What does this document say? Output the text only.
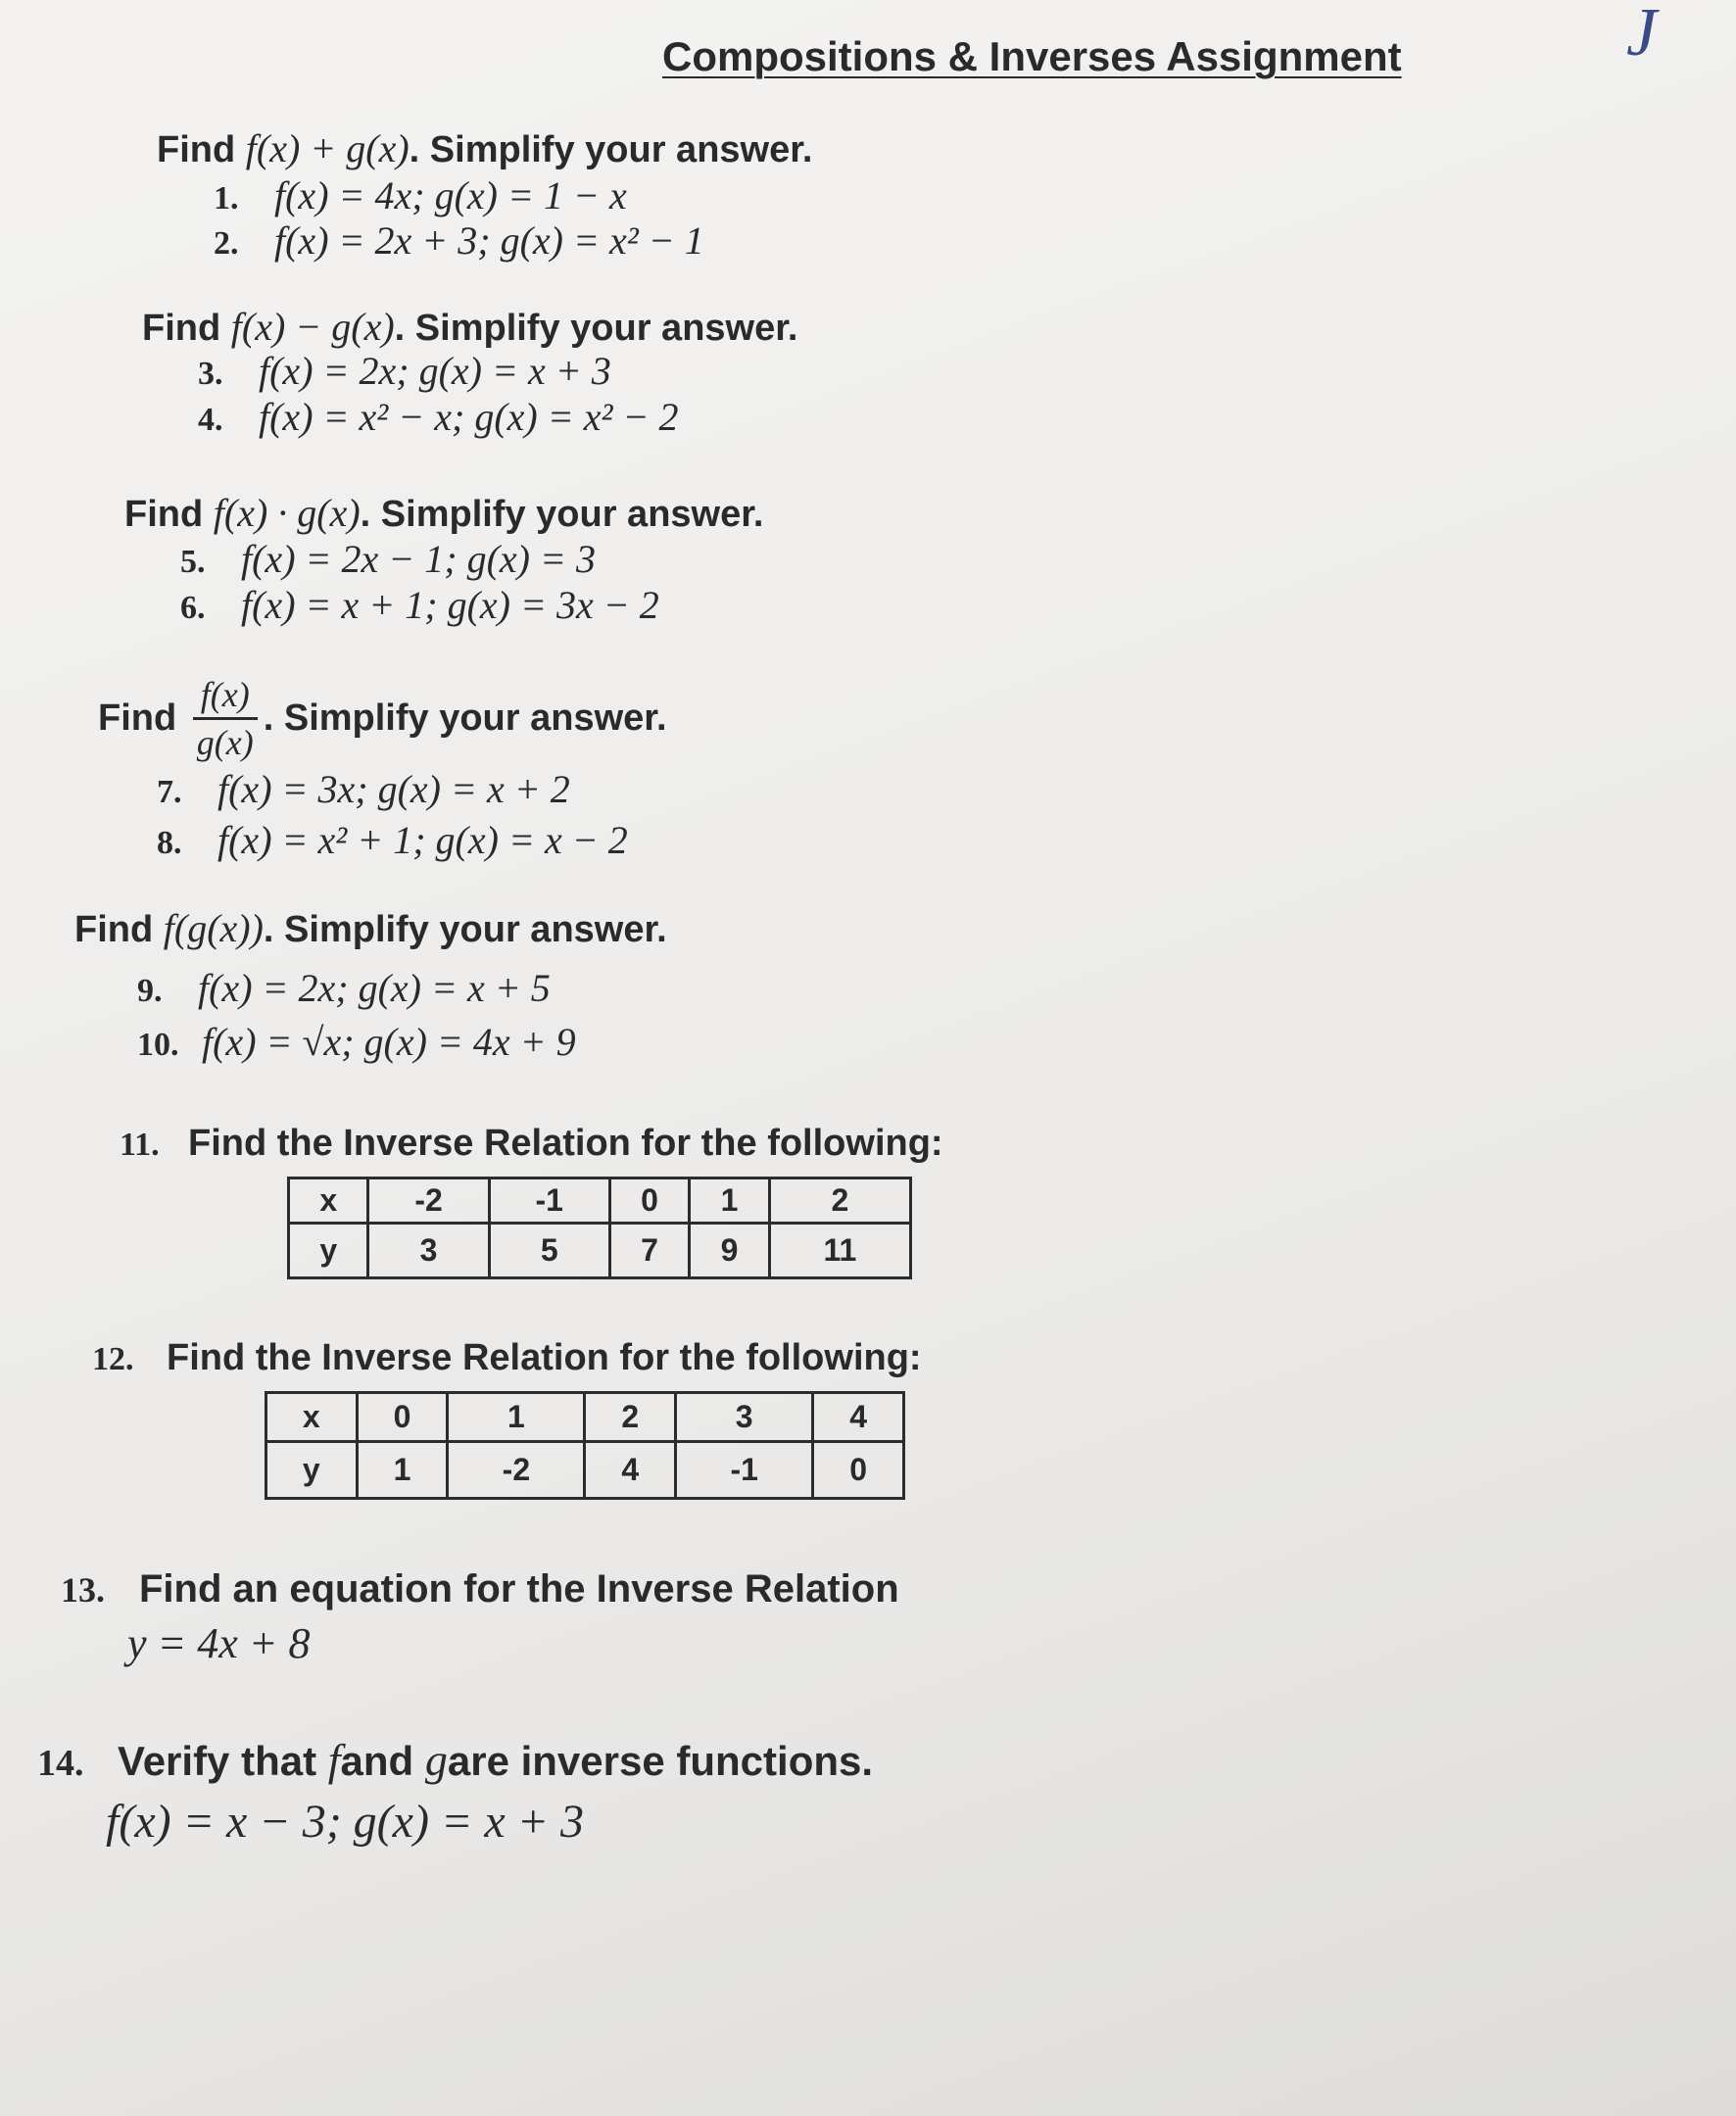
Compositions & Inverses Assignment	J
Find f(x) + g(x). Simplify your answer.
1. f(x) = 4x; g(x) = 1 − x
2. f(x) = 2x + 3; g(x) = x² − 1
Find f(x) − g(x). Simplify your answer.
3. f(x) = 2x; g(x) = x + 3
4. f(x) = x² − x; g(x) = x² − 2
Find f(x) · g(x). Simplify your answer.
5. f(x) = 2x − 1; g(x) = 3
6. f(x) = x + 1; g(x) = 3x − 2
Find $\frac{f(x)}{g(x)}$ . Simplify your answer.
7. f(x) = 3x; g(x) = x + 2
8. f(x) = x² + 1; g(x) = x − 2
Find f(g(x)). Simplify your answer.
9. f(x) = 2x; g(x) = x + 5
10. f(x) = √x; g(x) = 4x + 9
11. Find the Inverse Relation for the following:
x	-2	-1	0	1	2
y	3	5	7	9	11
12. Find the Inverse Relation for the following:
x	0	1	2	3	4
y	1	-2	4	-1	0
13. Find an equation for the Inverse Relation
y = 4x + 8
14. Verify that fand gare inverse functions.
f(x) = x − 3; g(x) = x + 3
